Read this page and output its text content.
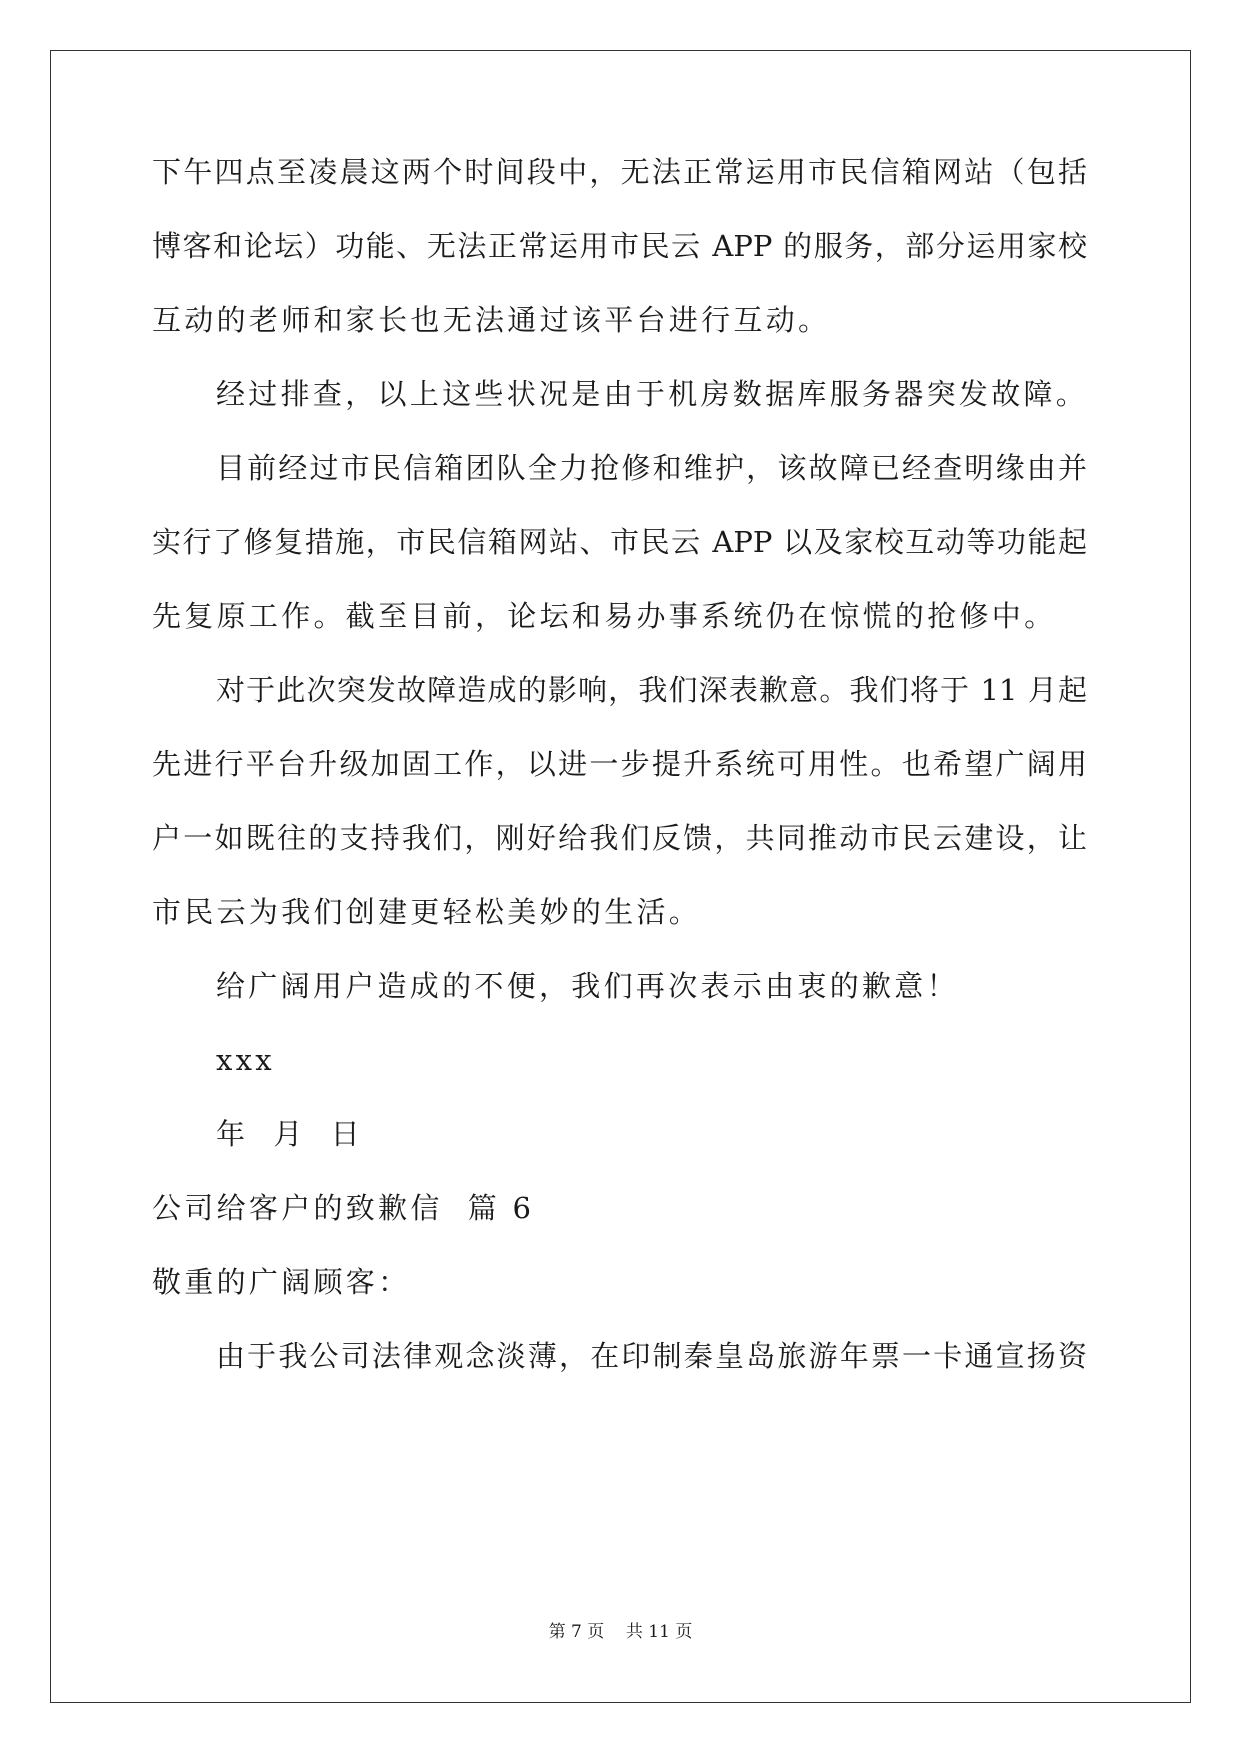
下午四点至凌晨这两个时间段中，无法正常运用市民信箱网站（包括
博客和论坛）功能、无法正常运用市民云 APP 的服务，部分运用家校
互动的老师和家长也无法通过该平台进行互动。
经过排查，以上这些状况是由于机房数据库服务器突发故障。
目前经过市民信箱团队全力抢修和维护，该故障已经查明缘由并
实行了修复措施，市民信箱网站、市民云 APP 以及家校互动等功能起
先复原工作。截至目前，论坛和易办事系统仍在惊慌的抢修中。
对于此次突发故障造成的影响，我们深表歉意。我们将于 11 月起
先进行平台升级加固工作，以进一步提升系统可用性。也希望广阔用
户一如既往的支持我们，刚好给我们反馈，共同推动市民云建设，让
市民云为我们创建更轻松美妙的生活。
给广阔用户造成的不便，我们再次表示由衷的歉意！
xxx
年  月  日
公司给客户的致歉信  篇 6
敬重的广阔顾客：
由于我公司法律观念淡薄，在印制秦皇岛旅游年票一卡通宣扬资
第 7 页    共 11 页
